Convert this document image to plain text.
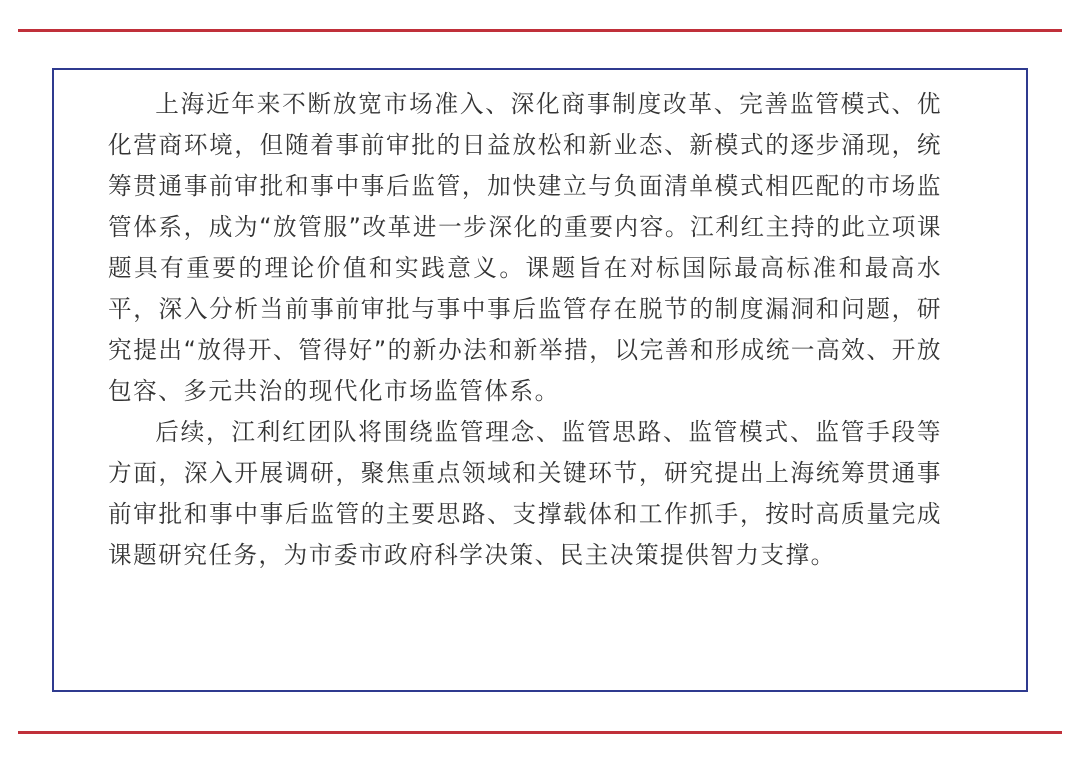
上海近年来不断放宽市场准入、深化商事制度改革、完善监管模式、优化营商环境，但随着事前审批的日益放松和新业态、新模式的逐步涌现，统筹贯通事前审批和事中事后监管，加快建立与负面清单模式相匹配的市场监管体系，成为“放管服”改革进一步深化的重要内容。江利红主持的此立项课题具有重要的理论价值和实践意义。课题旨在对标国际最高标准和最高水平，深入分析当前事前审批与事中事后监管存在脱节的制度漏洞和问题，研究提出“放得开、管得好”的新办法和新举措，以完善和形成统一高效、开放包容、多元共治的现代化市场监管体系。

后续，江利红团队将围绕监管理念、监管思路、监管模式、监管手段等方面，深入开展调研，聚焦重点领域和关键环节，研究提出上海统筹贯通事前审批和事中事后监管的主要思路、支撑载体和工作抓手，按时高质量完成课题研究任务，为市委市政府科学决策、民主决策提供智力支撑。
